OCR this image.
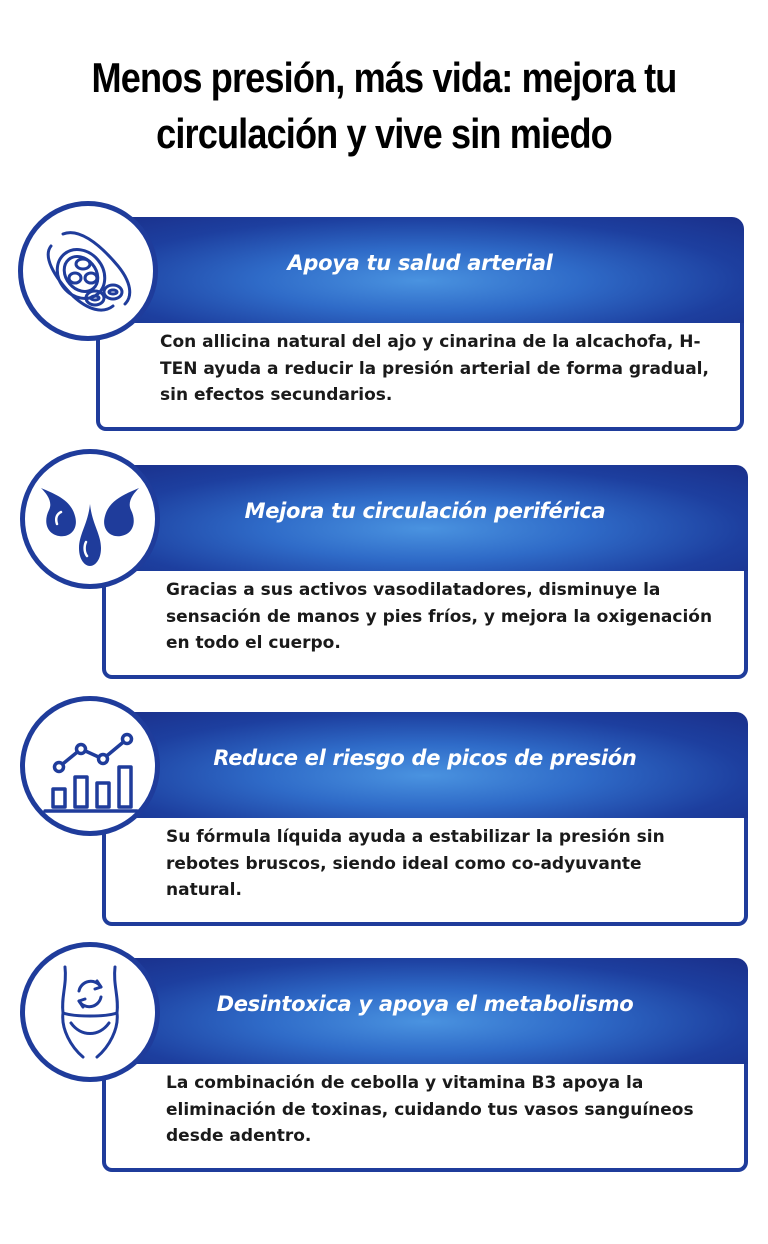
Menos presión, más vida: mejora tu
circulación y vive sin miedo
Apoya tu salud arterial
Con allicina natural del ajo y cinarina de la alcachofa, H-TEN ayuda a reducir la presión arterial de forma gradual, sin efectos secundarios.
Mejora tu circulación periférica
Gracias a sus activos vasodilatadores, disminuye la sensación de manos y pies fríos, y mejora la oxigenación en todo el cuerpo.
Reduce el riesgo de picos de presión
Su fórmula líquida ayuda a estabilizar la presión sin rebotes bruscos, siendo ideal como co-adyuvante natural.
Desintoxica y apoya el metabolismo
La combinación de cebolla y vitamina B3 apoya la eliminación de toxinas, cuidando tus vasos sanguíneos desde adentro.
